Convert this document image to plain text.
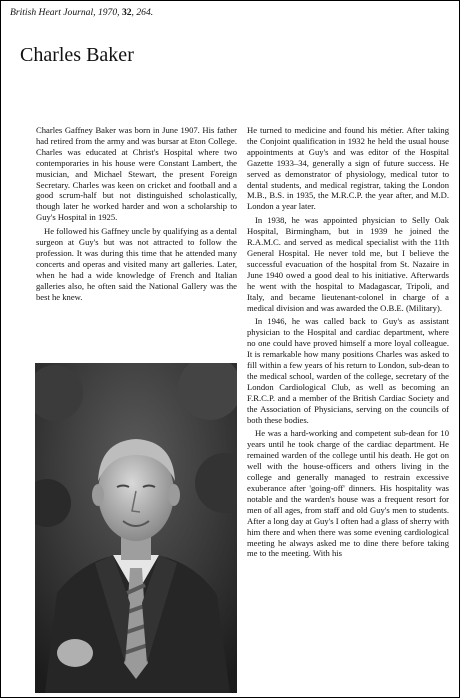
British Heart Journal, 1970, 32, 264.
Charles Baker

Charles Gaffney Baker was born in June 1907. His father had retired from the army and was bursar at Eton College. Charles was educated at Christ's Hospital where two contemporaries in his house were Constant Lambert, the musician, and Michael Stewart, the present Foreign Secretary. Charles was keen on cricket and football and a good scrum-half but not distinguished scholastically, though later he worked harder and won a scholarship to Guy's Hospital in 1925.

He followed his Gaffney uncle by qualifying as a dental surgeon at Guy's but was not attracted to follow the profession. It was during this time that he attended many concerts and operas and visited many art galleries. Later, when he had a wide knowledge of French and Italian galleries also, he often said the National Gallery was the best he knew.

He turned to medicine and found his métier. After taking the Conjoint qualification in 1932 he held the usual house appointments at Guy's and was editor of the Hospital Gazette 1933–34, generally a sign of future success. He served as demonstrator of physiology, medical tutor to dental students, and medical registrar, taking the London M.B., B.S. in 1935, the M.R.C.P. the year after, and M.D. London a year later.

In 1938, he was appointed physician to Selly Oak Hospital, Birmingham, but in 1939 he joined the R.A.M.C. and served as medical specialist with the 11th General Hospital. He never told me, but I believe the successful evacuation of the hospital from St. Nazaire in June 1940 owed a good deal to his initiative. Afterwards he went with the hospital to Madagascar, Tripoli, and Italy, and became lieutenant-colonel in charge of a medical division and was awarded the O.B.E. (Military).

In 1946, he was called back to Guy's as assistant physician to the Hospital and cardiac department, where no one could have proved himself a more loyal colleague. It is remarkable how many positions Charles was asked to fill within a few years of his return to London, sub-dean to the medical school, warden of the college, secretary of the London Cardiological Club, as well as becoming an F.R.C.P. and a member of the British Cardiac Society and the Association of Physicians, serving on the councils of both these bodies.

He was a hard-working and competent sub-dean for 10 years until he took charge of the cardiac department. He remained warden of the college until his death. He got on well with the house-officers and others living in the college and generally managed to restrain excessive exuberance after 'going-off' dinners. His hospitality was notable and the warden's house was a frequent resort for men of all ages, from staff and old Guy's men to students. After a long day at Guy's I often had a glass of sherry with him there and when there was some evening cardiological meeting he always asked me to dine there before taking me to the meeting. With his
